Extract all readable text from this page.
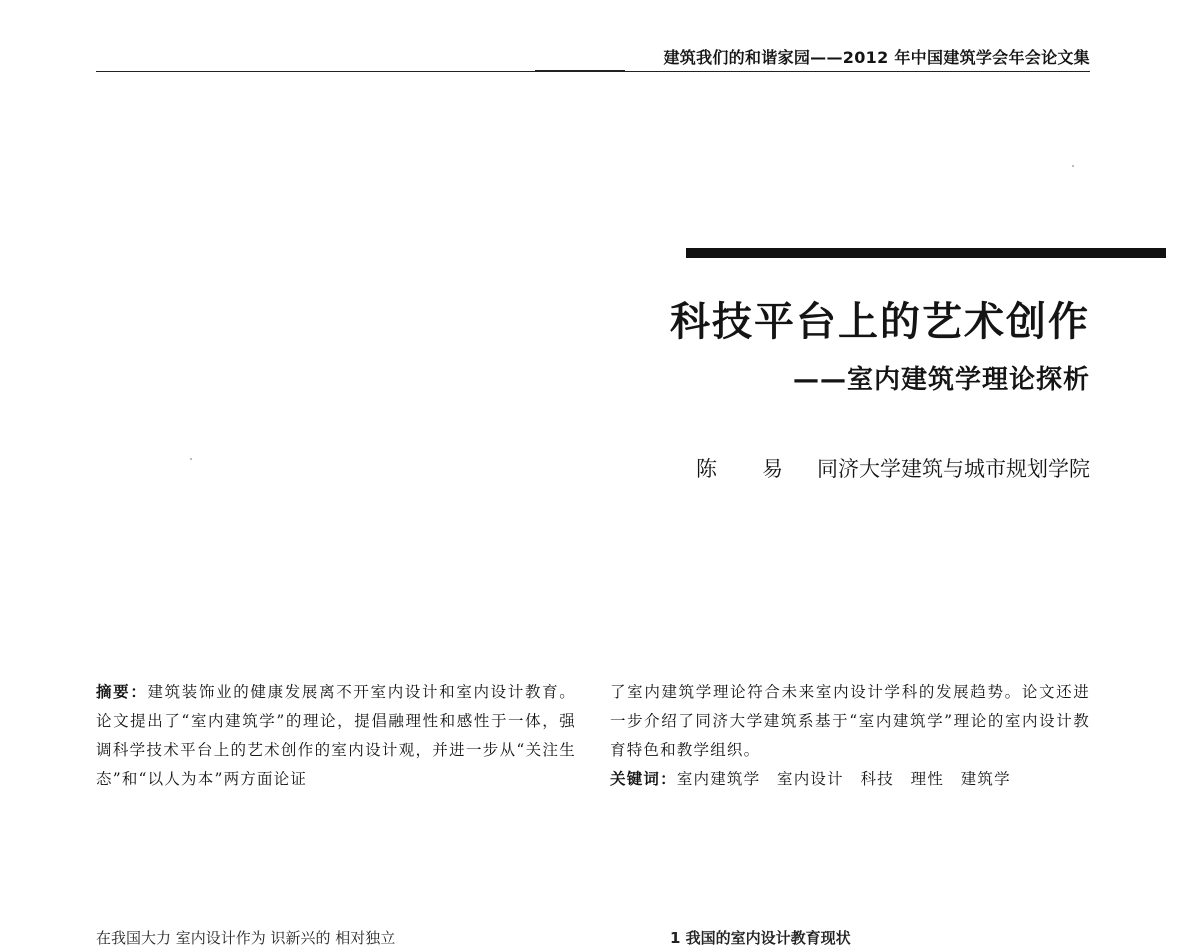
建筑我们的和谐家园——2012 年中国建筑学会年会论文集
科技平台上的艺术创作
——室内建筑学理论探析
陈　易 同济大学建筑与城市规划学院
摘要：建筑装饰业的健康发展离不开室内设计和室内设计教育。论文提出了“室内建筑学”的理论，提倡融理性和感性于一体，强调科学技术平台上的艺术创作的室内设计观，并进一步从“关注生态”和“以人为本”两方面论证
了室内建筑学理论符合未来室内设计学科的发展趋势。论文还进一步介绍了同济大学建筑系基于“室内建筑学”理论的室内设计教育特色和教学组织。
关键词：室内建筑学　室内设计　科技　理性　建筑学
在我国大力 室内设计作为 识新兴的 相对独立	1 我国的室内设计教育现状
